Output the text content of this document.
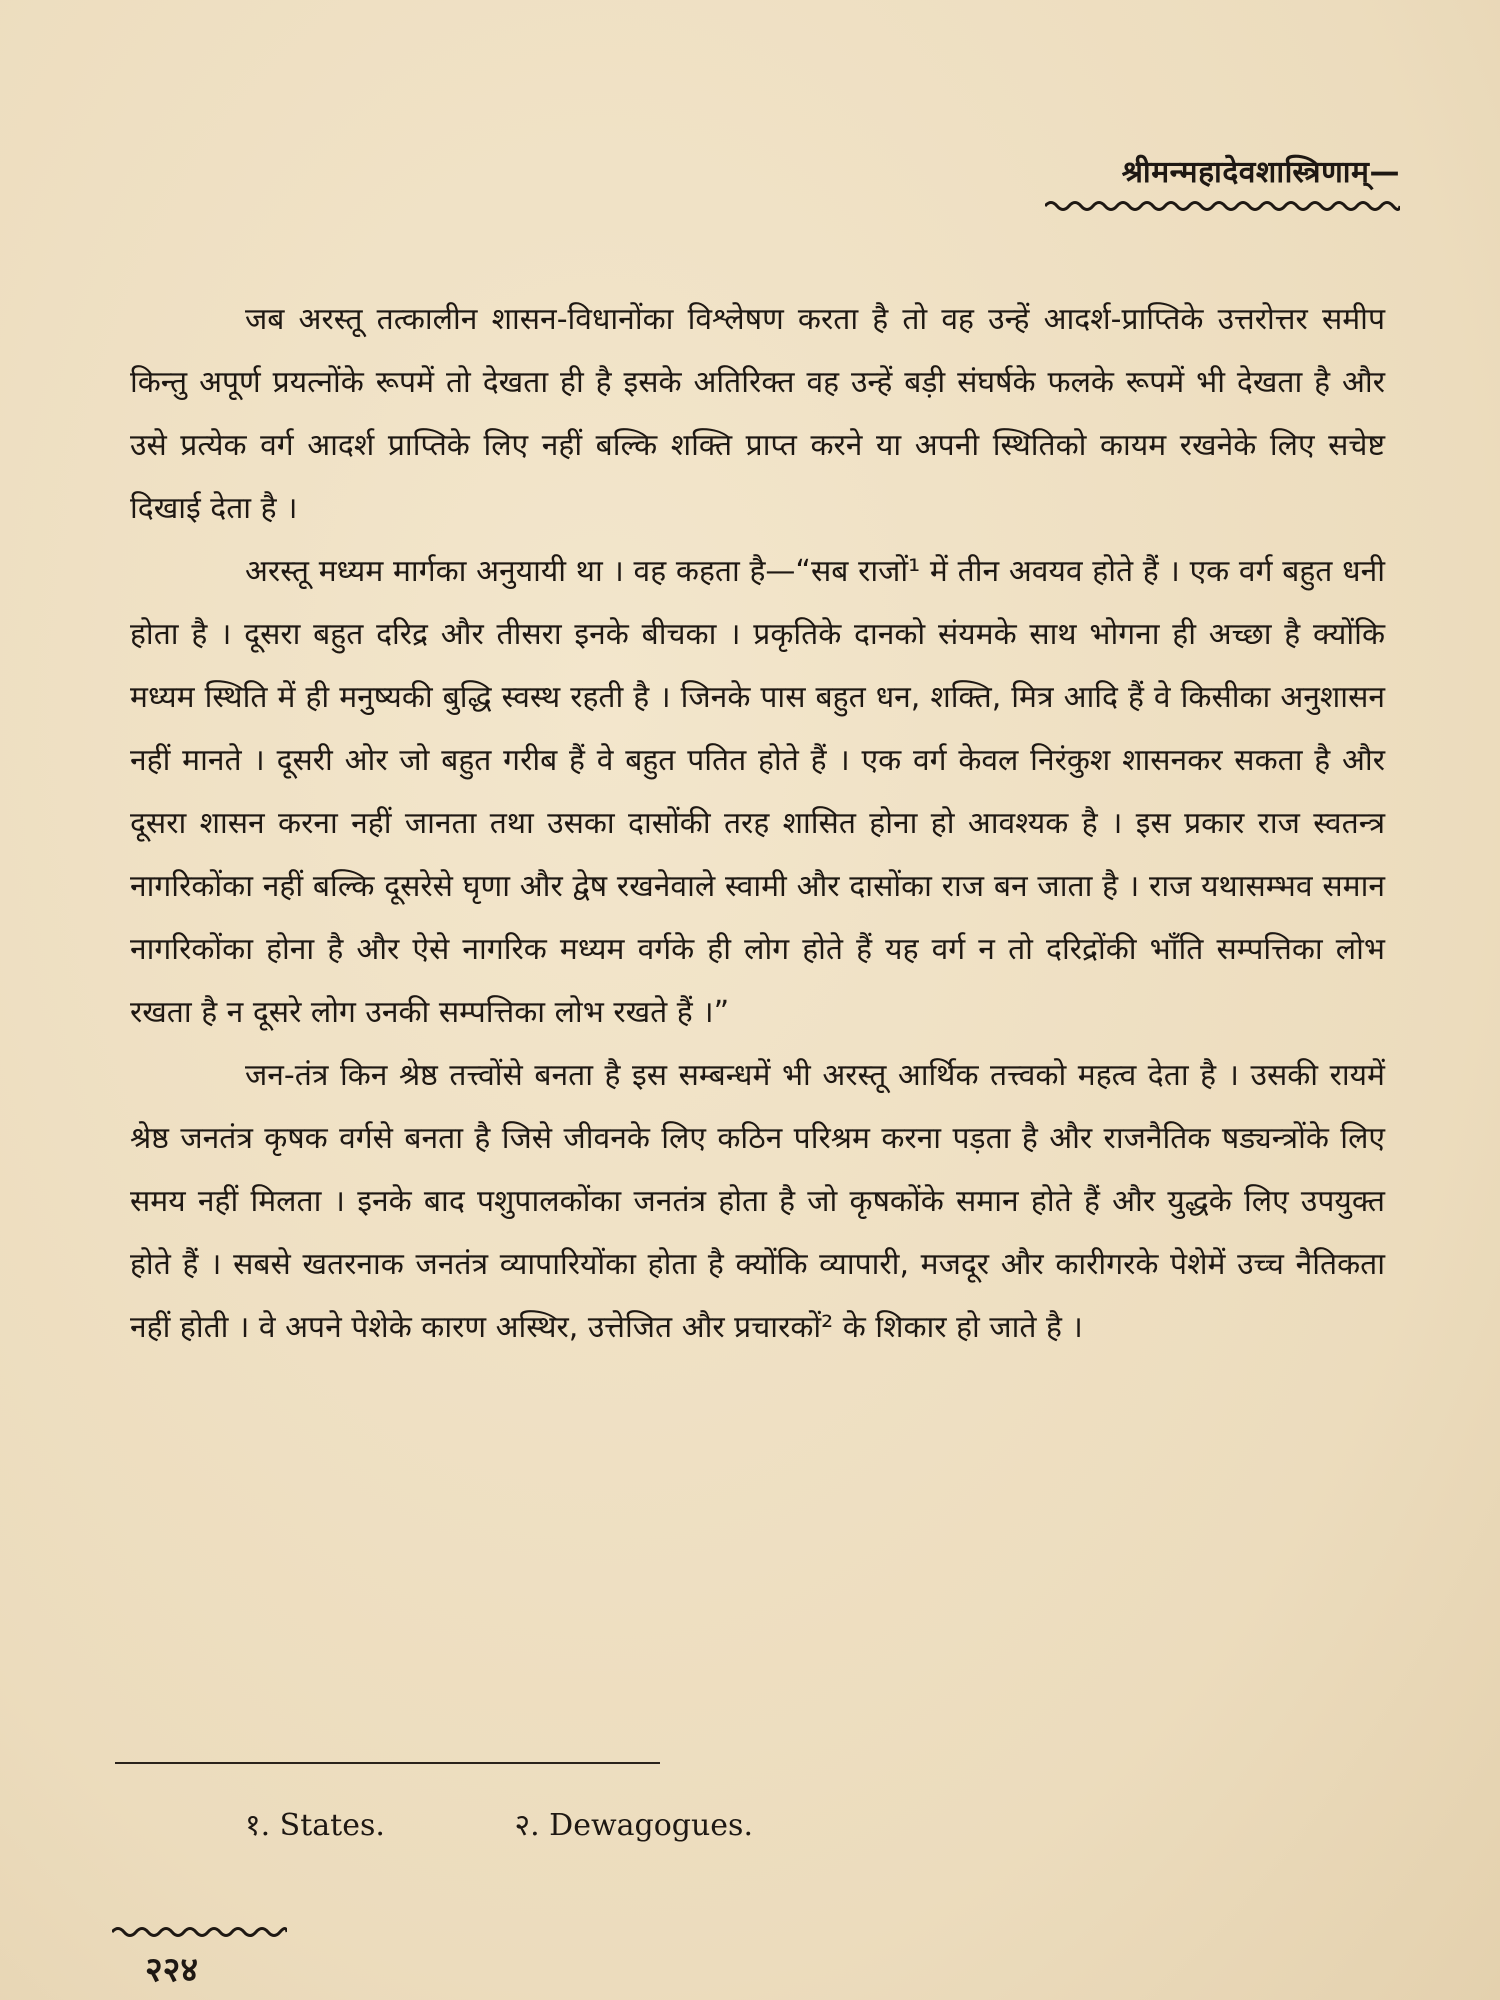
श्रीमन्महादेवशास्त्रिणाम्—

जब अरस्तू तत्कालीन शासन-विधानोंका विश्लेषण करता है तो वह उन्हें आदर्श-प्राप्तिके उत्तरोत्तर समीप किन्तु अपूर्ण प्रयत्नोंके रूपमें तो देखता ही है इसके अतिरिक्त वह उन्हें बड़ी संघर्षके फलके रूपमें भी देखता है और उसे प्रत्येक वर्ग आदर्श प्राप्तिके लिए नहीं बल्कि शक्ति प्राप्त करने या अपनी स्थितिको कायम रखनेके लिए सचेष्ट दिखाई देता है ।

अरस्तू मध्यम मार्गका अनुयायी था । वह कहता है—“सब राजों¹ में तीन अवयव होते हैं । एक वर्ग बहुत धनी होता है । दूसरा बहुत दरिद्र और तीसरा इनके बीचका । प्रकृतिके दानको संयमके साथ भोगना ही अच्छा है क्योंकि मध्यम स्थिति में ही मनुष्यकी बुद्धि स्वस्थ रहती है । जिनके पास बहुत धन, शक्ति, मित्र आदि हैं वे किसीका अनुशासन नहीं मानते । दूसरी ओर जो बहुत गरीब हैं वे बहुत पतित होते हैं । एक वर्ग केवल निरंकुश शासनकर सकता है और दूसरा शासन करना नहीं जानता तथा उसका दासोंकी तरह शासित होना हो आवश्यक है । इस प्रकार राज स्वतन्त्र नागरिकोंका नहीं बल्कि दूसरेसे घृणा और द्वेष रखनेवाले स्वामी और दासोंका राज बन जाता है । राज यथासम्भव समान नागरिकोंका होना है और ऐसे नागरिक मध्यम वर्गके ही लोग होते हैं यह वर्ग न तो दरिद्रोंकी भाँति सम्पत्तिका लोभ रखता है न दूसरे लोग उनकी सम्पत्तिका लोभ रखते हैं ।”

जन-तंत्र किन श्रेष्ठ तत्त्वोंसे बनता है इस सम्बन्धमें भी अरस्तू आर्थिक तत्त्वको महत्व देता है । उसकी रायमें श्रेष्ठ जनतंत्र कृषक वर्गसे बनता है जिसे जीवनके लिए कठिन परिश्रम करना पड़ता है और राजनैतिक षड्यन्त्रोंके लिए समय नहीं मिलता । इनके बाद पशुपालकोंका जनतंत्र होता है जो कृषकोंके समान होते हैं और युद्धके लिए उपयुक्त होते हैं । सबसे खतरनाक जनतंत्र व्यापारियोंका होता है क्योंकि व्यापारी, मजदूर और कारीगरके पेशेमें उच्च नैतिकता नहीं होती । वे अपने पेशेके कारण अस्थिर, उत्तेजित और प्रचारकों² के शिकार हो जाते है ।

१. States.	२. Dewagogues.
२२४
